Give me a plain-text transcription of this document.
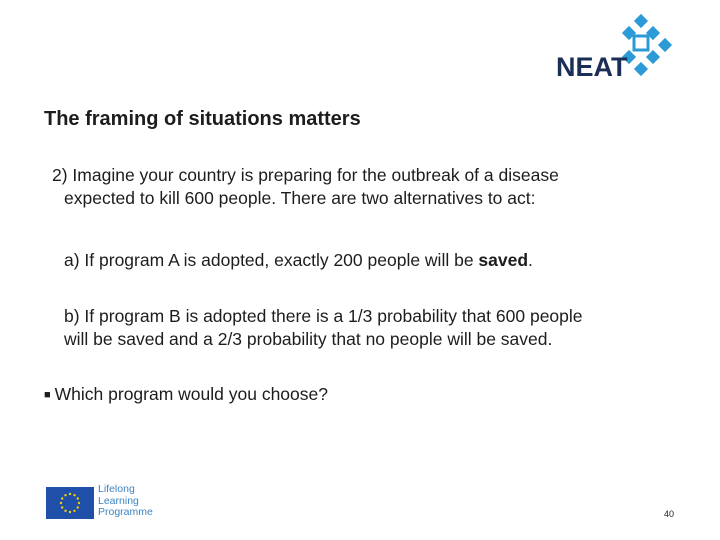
NEAT
The framing of situations matters

2) Imagine your country is preparing for the outbreak of a disease
expected to kill 600 people. There are two alternatives to act:

a) If program A is adopted, exactly 200 people will be saved.

b) If program B is adopted there is a 1/3 probability that 600 people
will be saved and a 2/3 probability that no people will be saved.

■ Which program would you choose?

Lifelong
Learning
Programme	40
